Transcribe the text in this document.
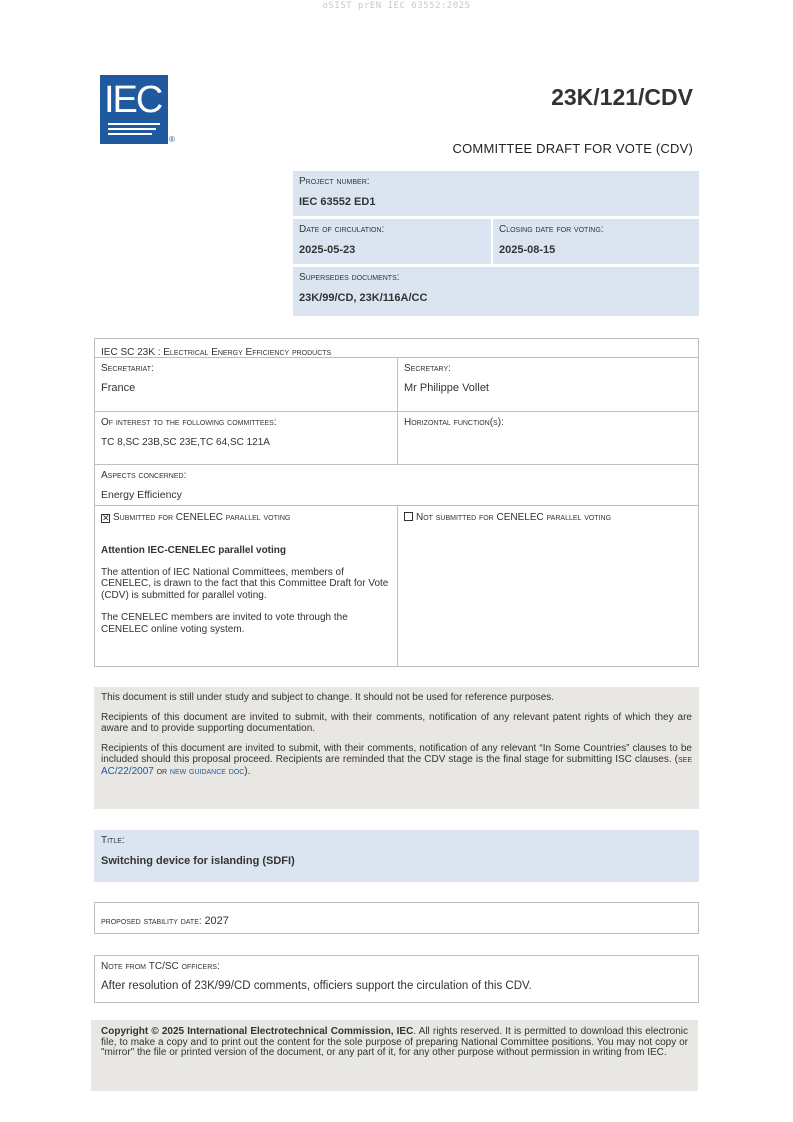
oSIST prEN IEC 63552:2025
IEC
®
23K/121/CDV
COMMITTEE DRAFT FOR VOTE (CDV)
Project number:
IEC 63552 ED1
Date of circulation:
2025-05-23
Closing date for voting:
2025-08-15
Supersedes documents:
23K/99/CD, 23K/116A/CC
IEC SC 23K : Electrical Energy Efficiency products
Secretariat:
France
Secretary:
Mr Philippe Vollet
Of interest to the following committees:
TC 8,SC 23B,SC 23E,TC 64,SC 121A
Horizontal function(s):
Aspects concerned:
Energy Efficiency
✕ Submitted for CENELEC parallel voting
Attention IEC-CENELEC parallel voting
The attention of IEC National Committees, members of CENELEC, is drawn to the fact that this Committee Draft for Vote (CDV) is submitted for parallel voting.
The CENELEC members are invited to vote through the CENELEC online voting system.
Not submitted for CENELEC parallel voting

This document is still under study and subject to change. It should not be used for reference purposes.

Recipients of this document are invited to submit, with their comments, notification of any relevant patent rights of which they are aware and to provide supporting documentation.

Recipients of this document are invited to submit, with their comments, notification of any relevant “In Some Countries” clauses to be included should this proposal proceed. Recipients are reminded that the CDV stage is the final stage for submitting ISC clauses. (see AC/22/2007 or new guidance doc).

Title:
Switching device for islanding (SDFI)
proposed stability date: 2027
Note from TC/SC officers:
After resolution of 23K/99/CD comments, officiers support the circulation of this CDV.

Copyright © 2025 International Electrotechnical Commission, IEC. All rights reserved. It is permitted to download this electronic file, to make a copy and to print out the content for the sole purpose of preparing National Committee positions. You may not copy or "mirror" the file or printed version of the document, or any part of it, for any other purpose without permission in writing from IEC.
